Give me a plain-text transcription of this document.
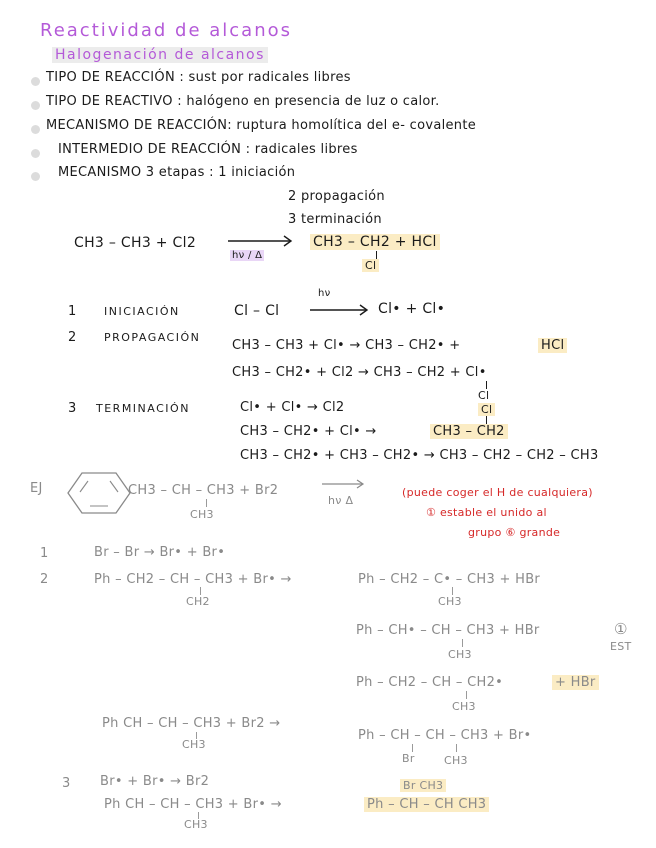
Reactividad de alcanos
Halogenación de alcanos
TIPO DE REACCIÓN : sust por radicales libres
TIPO DE REACTIVO : halógeno en presencia de luz o calor.
MECANISMO DE REACCIÓN: ruptura homolítica del e- covalente
INTERMEDIO DE REACCIÓN : radicales libres
MECANISMO 3 etapas : 1 iniciación
2 propagación
3 terminación
CH3 – CH3 + Cl2
hν / Δ
CH3 – CH2 + HCl
Cl
1 INICIACIÓN	Cl – Cl
hν
→ Cl• + Cl•
2 PROPAGACIÓN
CH3 – CH3 + Cl• → CH3 – CH2• +	HCl
CH3 – CH2• + Cl2 → CH3 – CH2 + Cl•
Cl
3 TERMINACIÓN	Cl• + Cl• → Cl2	Cl
CH3 – CH2• + Cl• →	CH3 – CH2
CH3 – CH2• + CH3 – CH2• → CH3 – CH2 – CH2 – CH3
EJ	CH3 – CH – CH3 + Br2
CH3
hν Δ
(puede coger el H de cualquiera)
① estable el unido al
grupo ⑥ grande
1	Br – Br → Br• + Br•
2	Ph – CH2 – CH – CH3 + Br• →
CH2
Ph – CH2 – C• – CH3 + HBr
CH3
Ph – CH• – CH – CH3 + HBr
CH3
①
EST
Ph – CH2 – CH – CH2•	+ HBr
CH3
Ph CH – CH – CH3 + Br2 →
CH3
Ph – CH – CH – CH3 + Br•
Br	CH3
3 Br• + Br• → Br2	Br CH3
Ph CH – CH – CH3 + Br• →
CH3
Ph – CH – CH CH3
